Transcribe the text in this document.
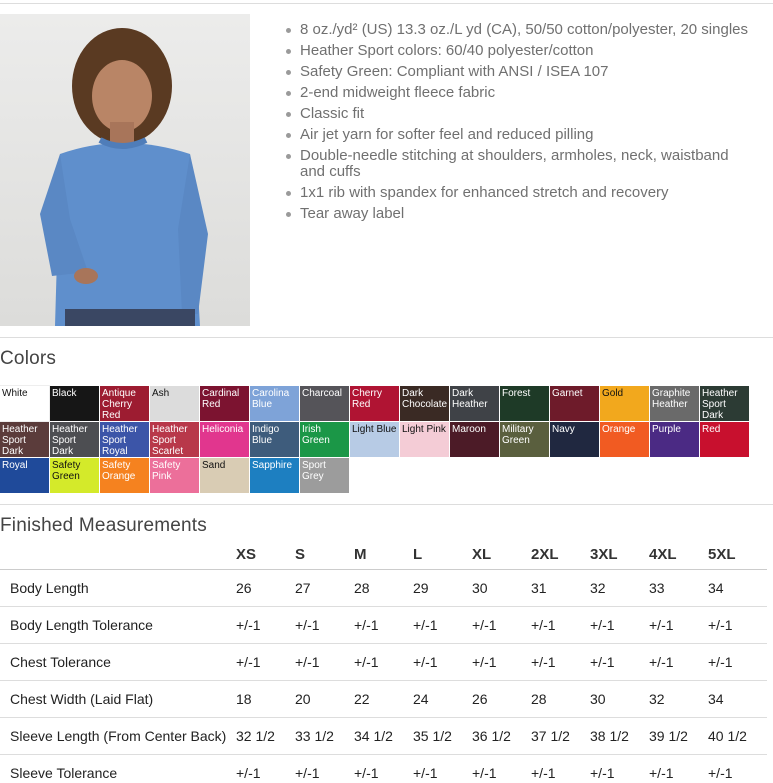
8 oz./yd² (US) 13.3 oz./L yd (CA), 50/50 cotton/polyester, 20 singles
Heather Sport colors: 60/40 polyester/cotton
Safety Green: Compliant with ANSI / ISEA 107
2-end midweight fleece fabric
Classic fit
Air jet yarn for softer feel and reduced pilling
Double-needle stitching at shoulders, armholes, neck, waistband and cuffs
1x1 rib with spandex for enhanced stretch and recovery
Tear away label
Colors
White	Black	Antique Cherry Red
Ash	Cardinal Red
Carolina Blue
Charcoal Cherry Red
Dark Chocolate
Dark Heather
Forest	Garnet	Gold	Graphite Heather
Heather Sport Dark
Heather Sport Dark
Heather Sport Dark
Heather Sport Royal
Heather Sport Scarlet
Heliconia Indigo Blue
Irish Green
Light Blue Light Pink Maroon	Military Green
Navy	Orange	Purple	Red
Royal	Safety Green
Safety Orange
Safety Pink
Sand	Sapphire Sport Grey
Finished Measurements
	XS	S	M	L	XL	2XL	3XL	4XL	5XL
Body Length	26	27	28	29	30	31	32	33	34
Body Length Tolerance	+/-1	+/-1	+/-1	+/-1	+/-1	+/-1	+/-1	+/-1	+/-1
Chest Tolerance	+/-1	+/-1	+/-1	+/-1	+/-1	+/-1	+/-1	+/-1	+/-1
Chest Width (Laid Flat)	18	20	22	24	26	28	30	32	34
Sleeve Length (From Center Back)	32 1/2	33 1/2	34 1/2	35 1/2	36 1/2	37 1/2	38 1/2	39 1/2	40 1/2
Sleeve Tolerance	+/-1	+/-1	+/-1	+/-1	+/-1	+/-1	+/-1	+/-1	+/-1
